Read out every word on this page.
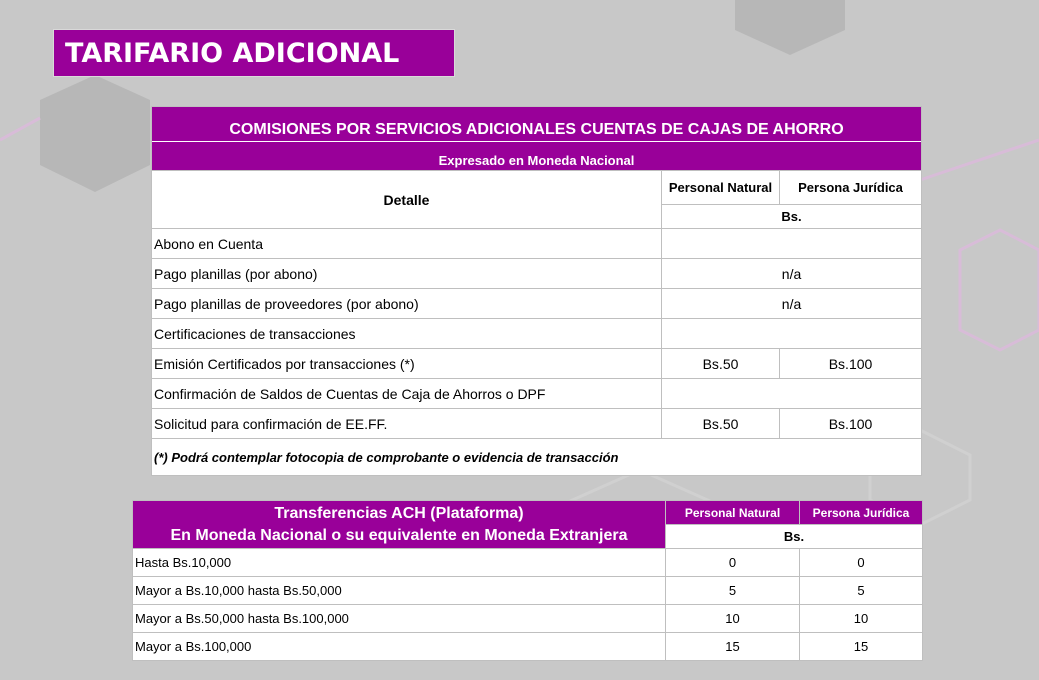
TARIFARIO ADICIONAL
COMISIONES POR SERVICIOS ADICIONALES CUENTAS DE CAJAS DE AHORRO		
Expresado en Moneda Nacional		
Detalle	Personal Natural	Persona Jurídica
	Bs.	
Abono en Cuenta		
Pago planillas (por abono)	n/a	
Pago planillas de proveedores (por abono)	n/a	
Certificaciones de transacciones		
Emisión Certificados por transacciones (*)	Bs.50	Bs.100
Confirmación de Saldos de Cuentas de Caja de Ahorros o DPF		
Solicitud para confirmación de EE.FF.	Bs.50	Bs.100
(*) Podrá contemplar fotocopia de comprobante o evidencia de transacción		
Transferencias ACH (Plataforma)
En Moneda Nacional o su equivalente en Moneda Extranjera	Personal Natural	Persona Jurídica
	Bs.	
Hasta Bs.10,000	0	0
Mayor a Bs.10,000 hasta Bs.50,000	5	5
Mayor a Bs.50,000 hasta Bs.100,000	10	10
Mayor a Bs.100,000	15	15
